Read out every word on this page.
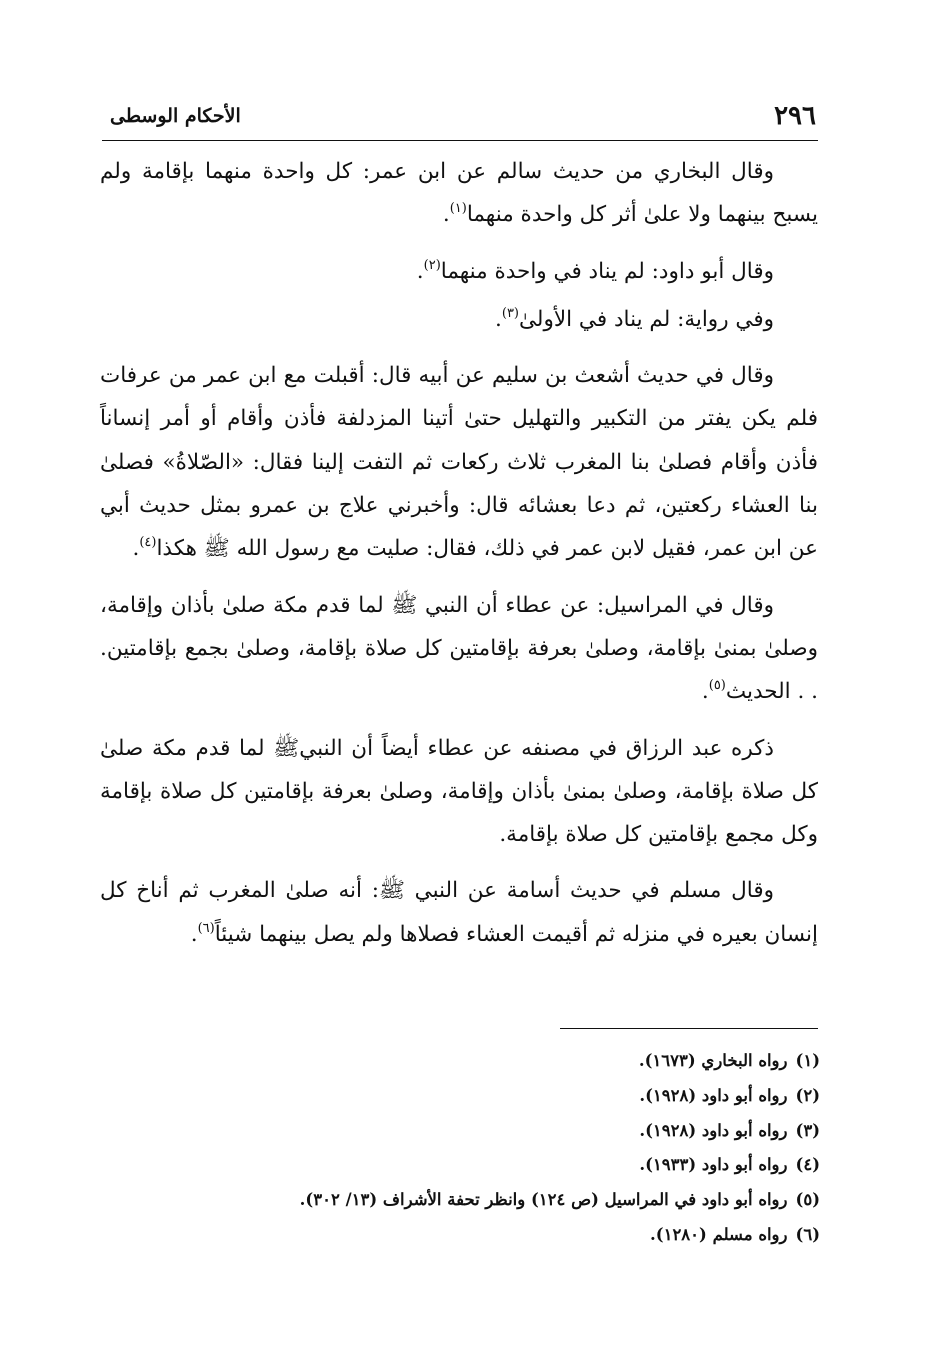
٢٩٦
الأحكام الوسطى

وقال البخاري من حديث سالم عن ابن عمر: كل واحدة منهما بإقامة ولم يسبح بينهما ولا علىٰ أثر كل واحدة منهما$^{(١)}$.

وقال أبو داود: لم يناد في واحدة منهما$^{(٢)}$.

وفي رواية: لم يناد في الأولىٰ$^{(٣)}$.

وقال في حديث أشعث بن سليم عن أبيه قال: أقبلت مع ابن عمر من عرفات فلم يكن يفتر من التكبير والتهليل حتىٰ أتينا المزدلفة فأذن وأقام أو أمر إنساناً فأذن وأقام فصلىٰ بنا المغرب ثلاث ركعات ثم التفت إلينا فقال: «الصّلاةُ» فصلىٰ بنا العشاء ركعتين، ثم دعا بعشائه قال: وأخبرني علاج بن عمرو بمثل حديث أبي عن ابن عمر، فقيل لابن عمر في ذلك، فقال: صليت مع رسول الله ﷺ هكذا$^{(٤)}$.

وقال في المراسيل: عن عطاء أن النبي ﷺ لما قدم مكة صلىٰ بأذان وإقامة، وصلىٰ بمنىٰ بإقامة، وصلىٰ بعرفة بإقامتين كل صلاة بإقامة، وصلىٰ بجمع بإقامتين. . . الحديث$^{(٥)}$.

ذكره عبد الرزاق في مصنفه عن عطاء أيضاً أن النبيﷺ لما قدم مكة صلىٰ كل صلاة بإقامة، وصلىٰ بمنىٰ بأذان وإقامة، وصلىٰ بعرفة بإقامتين كل صلاة بإقامة وكل مجمع بإقامتين كل صلاة بإقامة.

وقال مسلم في حديث أسامة عن النبي ﷺ: أنه صلىٰ المغرب ثم أناخ كل إنسان بعيره في منزله ثم أقيمت العشاء فصلاها ولم يصل بينهما شيئاً$^{(٦)}$.

(١)رواه البخاري (١٦٧٣).
(٢)رواه أبو داود (١٩٢٨).
(٣)رواه أبو داود (١٩٢٨).
(٤)رواه أبو داود (١٩٣٣).
(٥)رواه أبو داود في المراسيل (ص ١٢٤) وانظر تحفة الأشراف (١٣/ ٣٠٢).
(٦)رواه مسلم (١٢٨٠).
